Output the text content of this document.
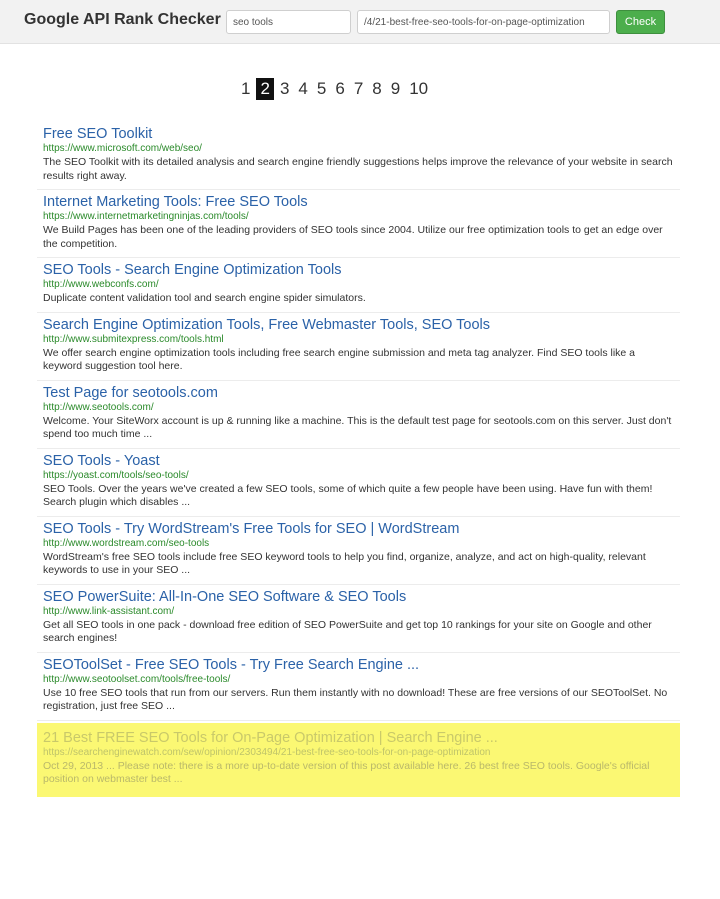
Google API Rank Checker
seo tools
/4/21-best-free-seo-tools-for-on-page-optimization	Check
1 2 3 4 5 6 7 8 9 10
Free SEO Toolkit
https://www.microsoft.com/web/seo/
The SEO Toolkit with its detailed analysis and search engine friendly suggestions helps improve the relevance of your website in search results right away.
Internet Marketing Tools: Free SEO Tools
https://www.internetmarketingninjas.com/tools/
We Build Pages has been one of the leading providers of SEO tools since 2004. Utilize our free optimization tools to get an edge over the competition.
SEO Tools - Search Engine Optimization Tools
http://www.webconfs.com/
Duplicate content validation tool and search engine spider simulators.
Search Engine Optimization Tools, Free Webmaster Tools, SEO Tools
http://www.submitexpress.com/tools.html
We offer search engine optimization tools including free search engine submission and meta tag analyzer. Find SEO tools like a keyword suggestion tool here.
Test Page for seotools.com
http://www.seotools.com/
Welcome. Your SiteWorx account is up & running like a machine. This is the default test page for seotools.com on this server. Just don't spend too much time ...
SEO Tools - Yoast
https://yoast.com/tools/seo-tools/
SEO Tools. Over the years we've created a few SEO tools, some of which quite a few people have been using. Have fun with them! Search plugin which disables ...
SEO Tools - Try WordStream's Free Tools for SEO | WordStream
http://www.wordstream.com/seo-tools
WordStream's free SEO tools include free SEO keyword tools to help you find, organize, analyze, and act on high-quality, relevant keywords to use in your SEO ...
SEO PowerSuite: All-In-One SEO Software & SEO Tools
http://www.link-assistant.com/
Get all SEO tools in one pack - download free edition of SEO PowerSuite and get top 10 rankings for your site on Google and other search engines!
SEOToolSet - Free SEO Tools - Try Free Search Engine ...
http://www.seotoolset.com/tools/free-tools/
Use 10 free SEO tools that run from our servers. Run them instantly with no download! These are free versions of our SEOToolSet. No registration, just free SEO ...
21 Best FREE SEO Tools for On-Page Optimization | Search Engine ...
https://searchenginewatch.com/sew/opinion/2303494/21-best-free-seo-tools-for-on-page-optimization
Oct 29, 2013 ... Please note: there is a more up-to-date version of this post available here. 26 best free SEO tools. Google's official position on webmaster best ...
